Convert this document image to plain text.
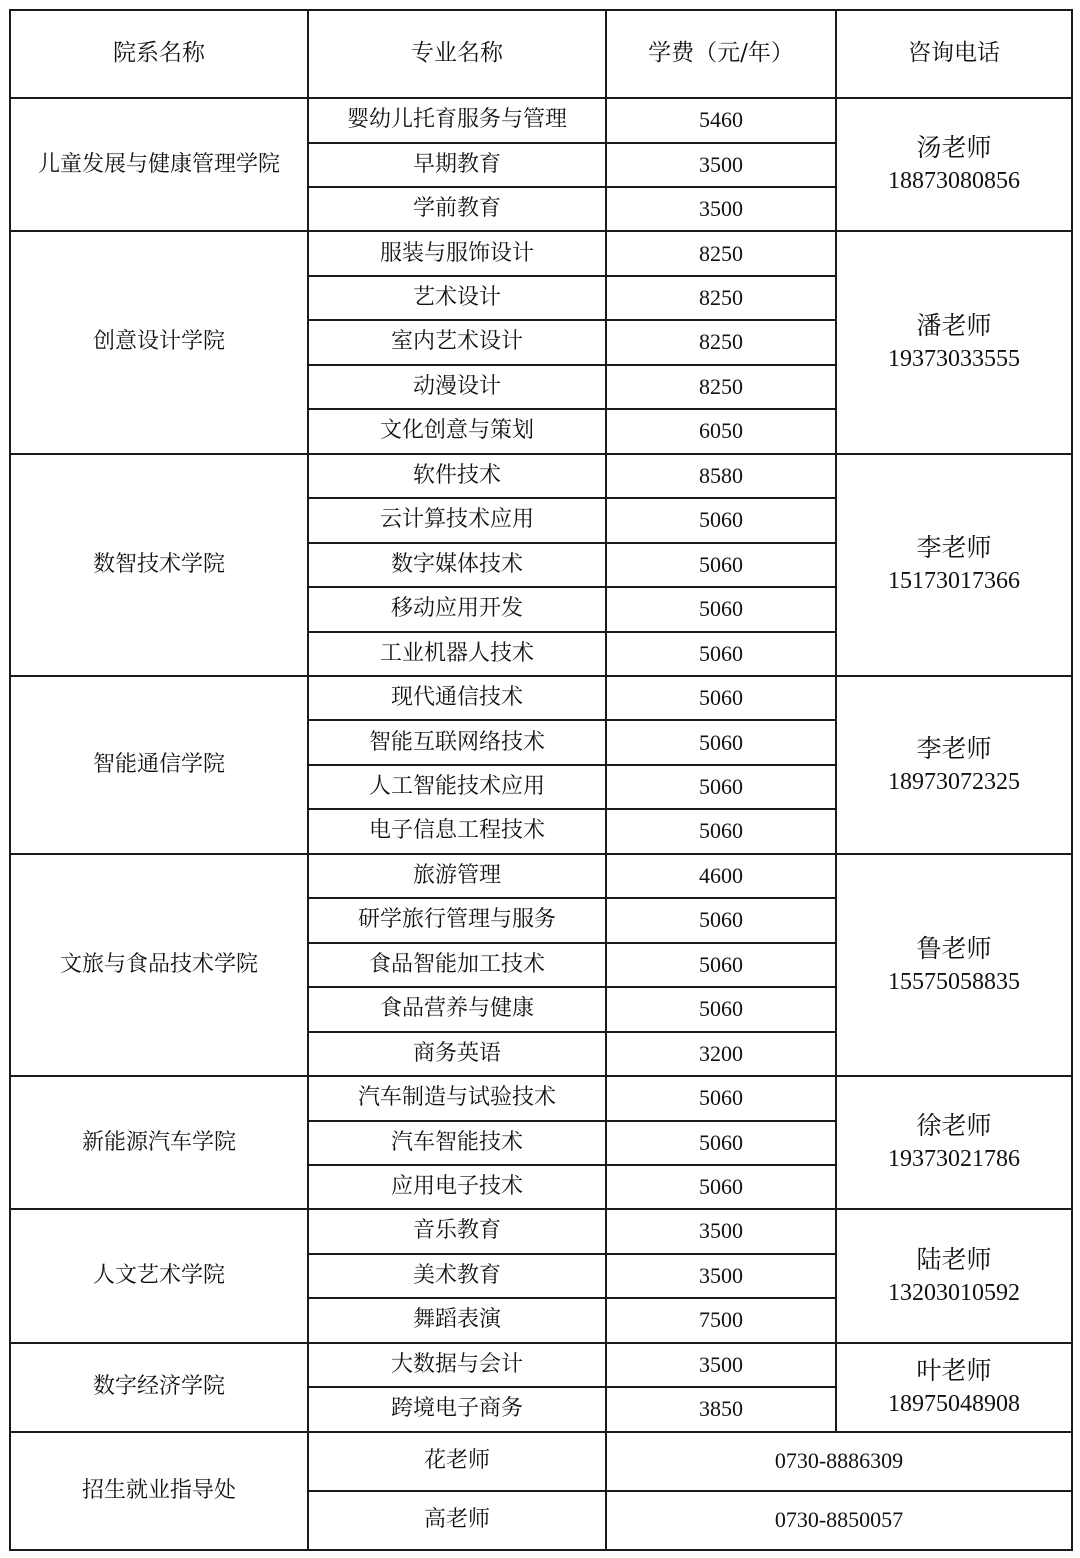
院系名称	专业名称	学费（元/年）	咨询电话
儿童发展与健康管理学院	婴幼儿托育服务与管理	5460	汤老师
18873080856

	早期教育	3500	
	学前教育	3500	
创意设计学院	服装与服饰设计	8250	潘老师
19373033555

	艺术设计	8250	
	室内艺术设计	8250	
	动漫设计	8250	
	文化创意与策划	6050	
数智技术学院	软件技术	8580	李老师
15173017366

	云计算技术应用	5060	
	数字媒体技术	5060	
	移动应用开发	5060	
	工业机器人技术	5060	
智能通信学院	现代通信技术	5060	李老师
18973072325

	智能互联网络技术	5060	
	人工智能技术应用	5060	
	电子信息工程技术	5060	
文旅与食品技术学院	旅游管理	4600	鲁老师
15575058835

	研学旅行管理与服务	5060	
	食品智能加工技术	5060	
	食品营养与健康	5060	
	商务英语	3200	
新能源汽车学院	汽车制造与试验技术	5060	徐老师
19373021786

	汽车智能技术	5060	
	应用电子技术	5060	
人文艺术学院	音乐教育	3500	陆老师
13203010592

	美术教育	3500	
	舞蹈表演	7500	
数字经济学院	大数据与会计	3500	叶老师
18975048908

	跨境电子商务	3850	
招生就业指导处	花老师	0730-8886309	
	高老师	0730-8850057	
